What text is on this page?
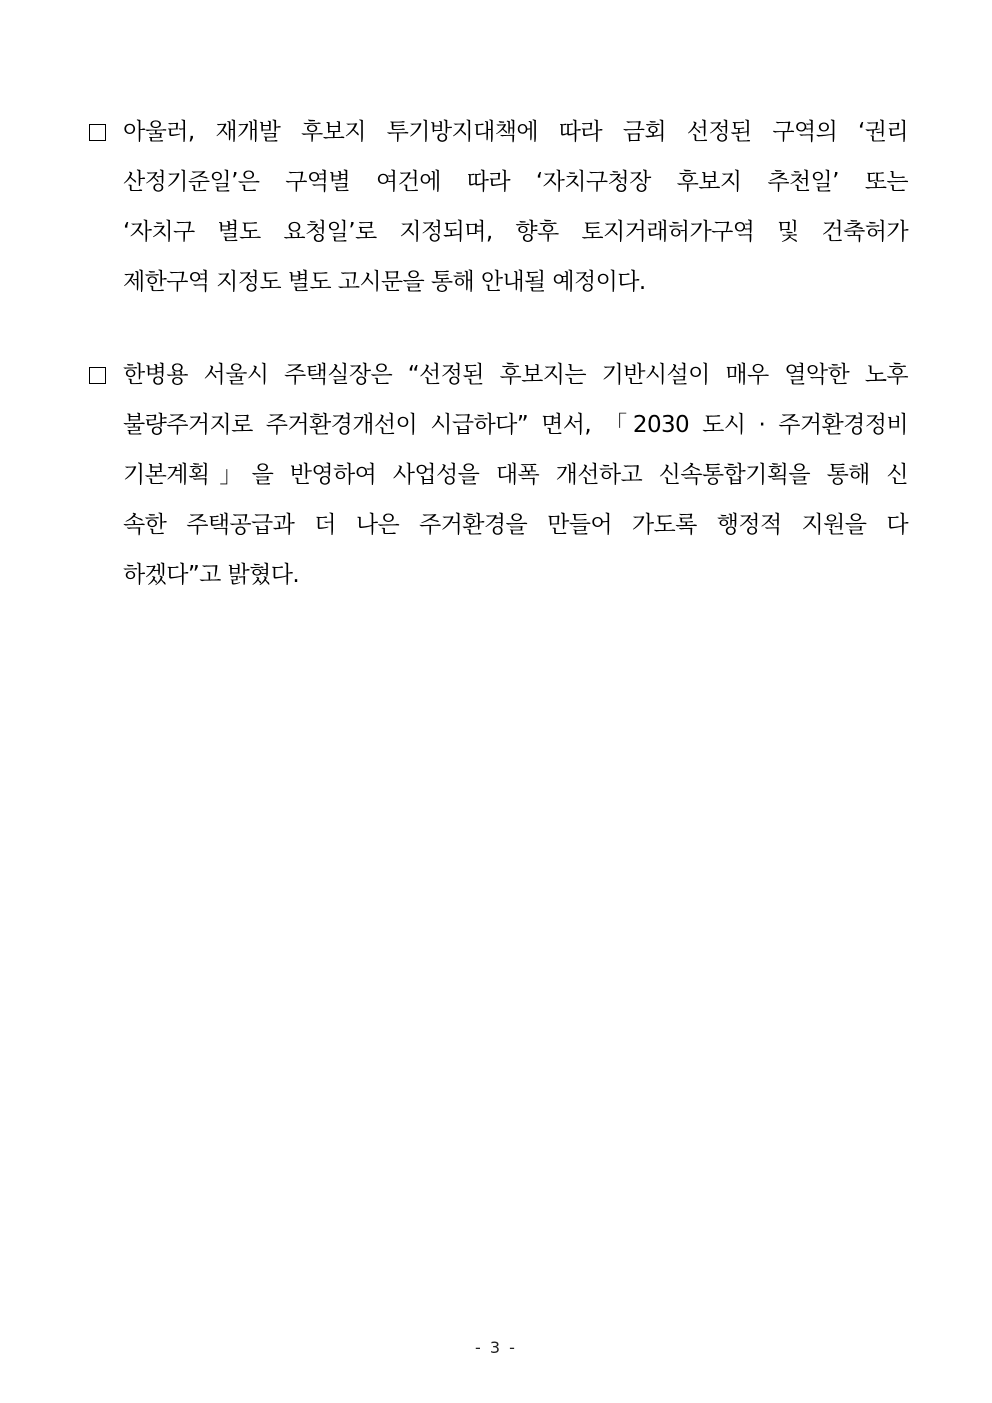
아울러, 재개발 후보지 투기방지대책에 따라 금회 선정된 구역의 ‘권리
산정기준일’은 구역별 여건에 따라 ‘자치구청장 후보지 추천일’ 또는
‘자치구 별도 요청일’로 지정되며, 향후 토지거래허가구역 및 건축허가
제한구역 지정도 별도 고시문을 통해 안내될 예정이다.
한병용 서울시 주택실장은 “선정된 후보지는 기반시설이 매우 열악한 노후
불량주거지로 주거환경개선이 시급하다” 면서, 「2030 도시 · 주거환경정비
기본계획」을 반영하여 사업성을 대폭 개선하고 신속통합기획을 통해 신
속한 주택공급과 더 나은 주거환경을 만들어 가도록 행정적 지원을 다
하겠다”고 밝혔다.
- 3 -
